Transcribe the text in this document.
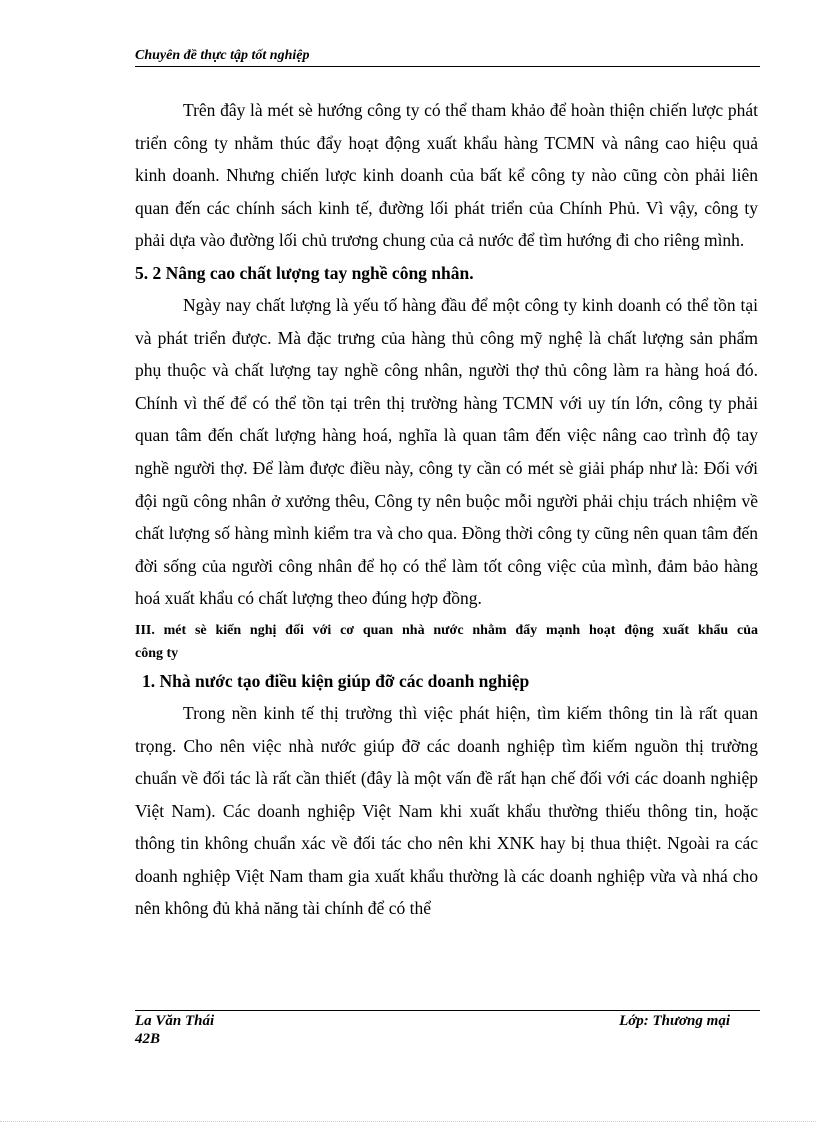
Chuyên đề thực tập tốt nghiệp

Trên đây là mét sè hướng công ty có thể tham khảo để hoàn thiện chiến lược phát triển công ty nhằm thúc đẩy hoạt động xuất khẩu hàng TCMN và nâng cao hiệu quả kinh doanh. Nhưng chiến lược kinh doanh của bất kể công ty nào cũng còn phải liên quan đến các chính sách kinh tế, đường lối phát triển của Chính Phủ. Vì vậy, công ty phải dựa vào đường lối chủ trương chung của cả nước để tìm hướng đi cho riêng mình.

5. 2 Nâng cao chất lượng tay nghề công nhân.

Ngày nay chất lượng là yếu tố hàng đầu để một công ty kinh doanh có thể tồn tại và phát triển được. Mà đặc trưng của hàng thủ công mỹ nghệ là chất lượng sản phẩm phụ thuộc và chất lượng tay nghề công nhân, người thợ thủ công làm ra hàng hoá đó. Chính vì thế để có thể tồn tại trên thị trường hàng TCMN với uy tín lớn, công ty phải quan tâm đến chất lượng hàng hoá, nghĩa là quan tâm đến việc nâng cao trình độ tay nghề người thợ. Để làm được điều này, công ty cần có mét sè giải pháp như là: Đối với đội ngũ công nhân ở xưởng thêu, Công ty nên buộc mỗi người phải chịu trách nhiệm về chất lượng số hàng mình kiểm tra và cho qua. Đồng thời công ty cũng nên quan tâm đến đời sống của người công nhân để họ có thể làm tốt công việc của mình, đảm bảo hàng hoá xuất khẩu có chất lượng theo đúng hợp đồng.

III. mét sè kiến nghị đối với cơ quan nhà nước nhằm đẩy mạnh hoạt động xuất khẩu của
công ty
1. Nhà nước tạo điều kiện giúp đỡ các doanh nghiệp

Trong nền kinh tế thị trường thì việc phát hiện, tìm kiếm thông tin là rất quan trọng. Cho nên việc nhà nước giúp đỡ các doanh nghiệp tìm kiếm nguồn thị trường chuẩn về đối tác là rất cần thiết (đây là một vấn đề rất hạn chế đối với các doanh nghiệp Việt Nam). Các doanh nghiệp Việt Nam khi xuất khẩu thường thiếu thông tin, hoặc thông tin không chuẩn xác về đối tác cho nên khi XNK hay bị thua thiệt. Ngoài ra các doanh nghiệp Việt Nam tham gia xuất khẩu thường là các doanh nghiệp vừa và nhá cho nên không đủ khả năng tài chính để có thể

La Văn Thái	Lớp: Thương mại
42B
